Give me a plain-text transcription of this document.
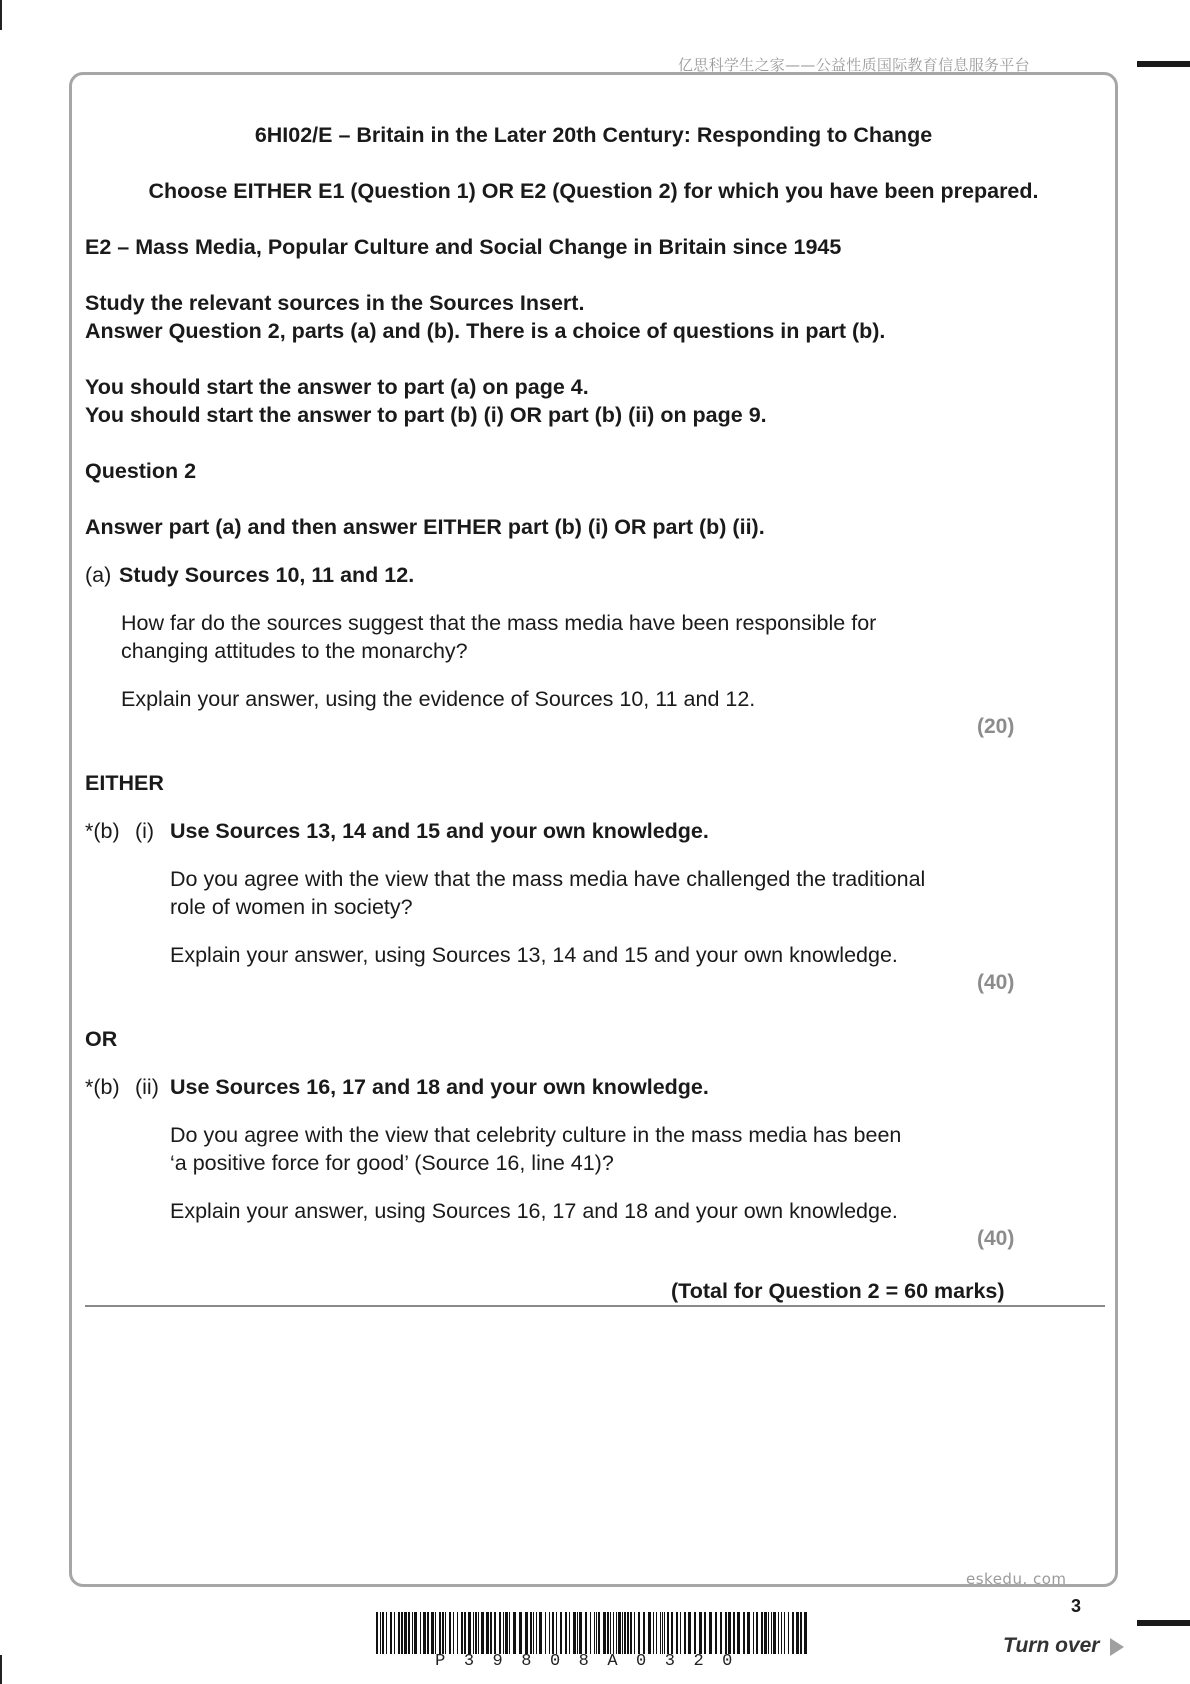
亿思科学生之家——公益性质国际教育信息服务平台
6HI02/E – Britain in the Later 20th Century: Responding to Change
Choose EITHER E1 (Question 1) OR E2 (Question 2) for which you have been prepared.
E2 – Mass Media, Popular Culture and Social Change in Britain since 1945
Study the relevant sources in the Sources Insert.
Answer Question 2, parts (a) and (b). There is a choice of questions in part (b).
You should start the answer to part (a) on page 4.
You should start the answer to part (b) (i) OR part (b) (ii) on page 9.
Question 2
Answer part (a) and then answer EITHER part (b) (i) OR part (b) (ii).
(a) Study Sources 10, 11 and 12.
How far do the sources suggest that the mass media have been responsible for
changing attitudes to the monarchy?
Explain your answer, using the evidence of Sources 10, 11 and 12.
(20)
EITHER
*(b) (i) Use Sources 13, 14 and 15 and your own knowledge.
Do you agree with the view that the mass media have challenged the traditional
role of women in society?
Explain your answer, using Sources 13, 14 and 15 and your own knowledge.
(40)
OR
*(b) (ii) Use Sources 16, 17 and 18 and your own knowledge.
Do you agree with the view that celebrity culture in the mass media has been
‘a positive force for good’ (Source 16, line 41)?
Explain your answer, using Sources 16, 17 and 18 and your own knowledge.
(40)
(Total for Question 2 = 60 marks)
eskedu. com
3
P39808A0320
Turn over
